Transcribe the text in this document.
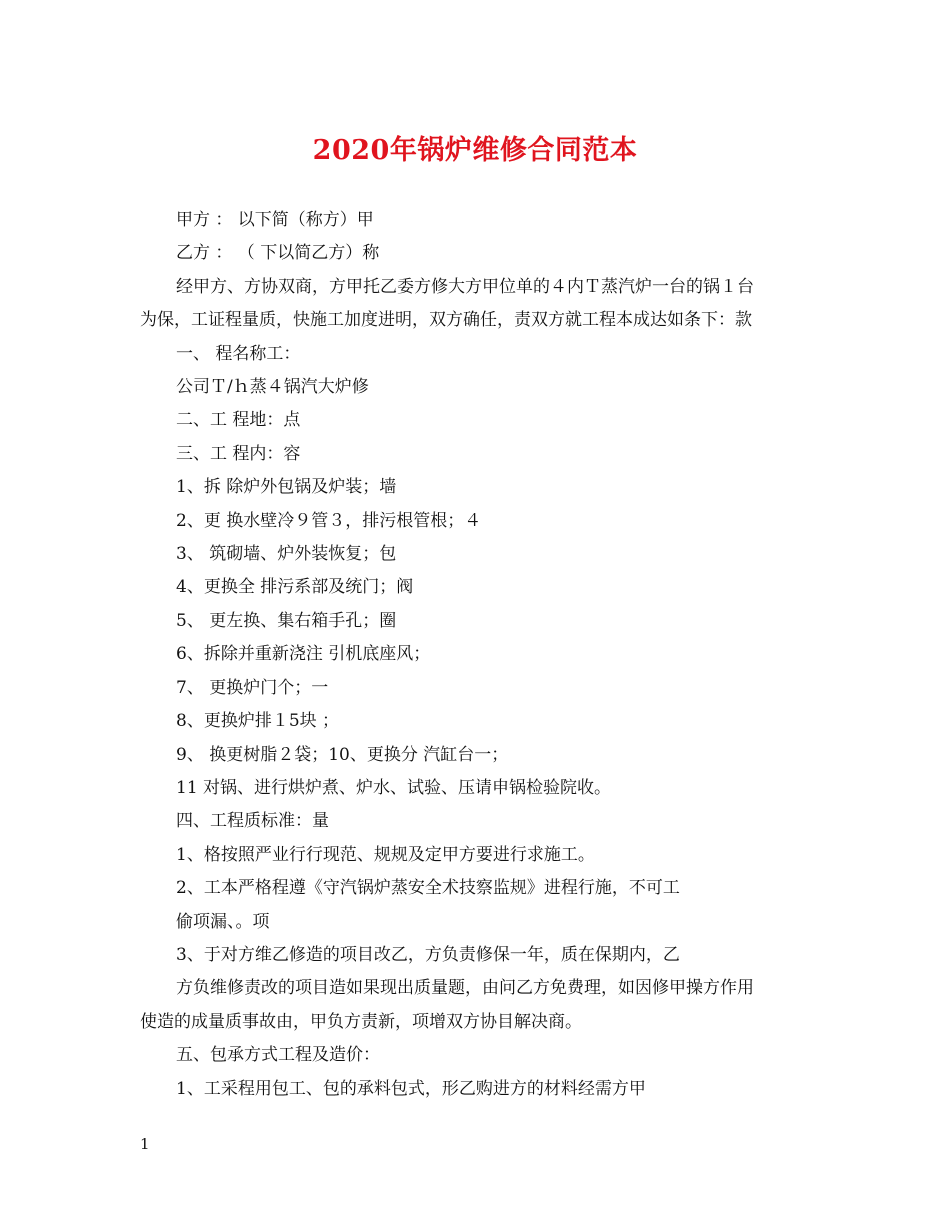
2020年锅炉维修合同范本

甲方 ： 以下简（称方）甲

乙方 ： （ 下以简乙方）称

经甲方、方协双商，方甲托乙委方修大方甲位单的４内Ｔ蒸汽炉一台的锅１台

为保，工证程量质，快施工加度进明，双方确任，责双方就工程本成达如条下：款

一、 程名称工：

公司Ｔ/ｈ蒸４锅汽大炉修

二、工 程地：点

三、工 程内：容

1、拆 除炉外包锅及炉装；墙

2、更 换水壁冷９管３，排污根管根；４

3、 筑砌墙、炉外装恢复；包

4、更换全 排污系部及统门；阀

5、 更左换、集右箱手孔；圈

6、拆除并重新浇注 引机底座风；

7、 更换炉门个；一

8、更换炉排１5块 ；

9、 换更树脂２袋；10、更换分 汽缸台一；

11 对锅、进行烘炉煮、炉水、试验、压请申锅检验院收。

四、工程质标准：量

1、格按照严业行行现范、规规及定甲方要进行求施工。

2、工本严格程遵《守汽锅炉蒸安全术技察监规》进程行施，不可工

偷项漏、。项

3、于对方维乙修造的项目改乙，方负责修保一年，质在保期内，乙

方负维修责改的项目造如果现出质量题，由问乙方免费理，如因修甲操方作用

使造的成量质事故由，甲负方责新，项增双方协目解决商。

五、包承方式工程及造价：

1、工采程用包工、包的承料包式，形乙购进方的材料经需方甲

1
